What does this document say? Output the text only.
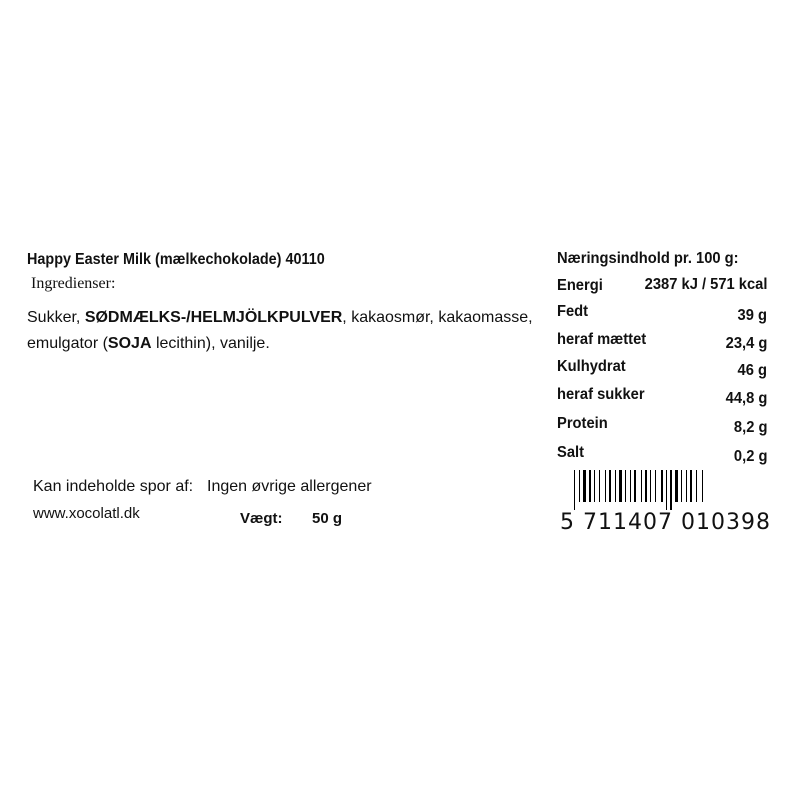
Happy Easter Milk (mælkechokolade) 40110
Ingredienser:
Sukker, SØDMÆLKS-/HELMJÖLKPULVER, kakaosmør, kakaomasse, emulgator (SOJA lecithin), vanilje.
Kan indeholde spor af: Ingen øvrige allergener
www.xocolatl.dk	Vægt: 50 g
Næringsindhold pr. 100 g:
Energi	2387 kJ / 571 kcal
Fedt	39 g
heraf mættet	23,4 g
Kulhydrat	46 g
heraf sukker	44,8 g
Protein	8,2 g
Salt	0,2 g
5 711407 010398
